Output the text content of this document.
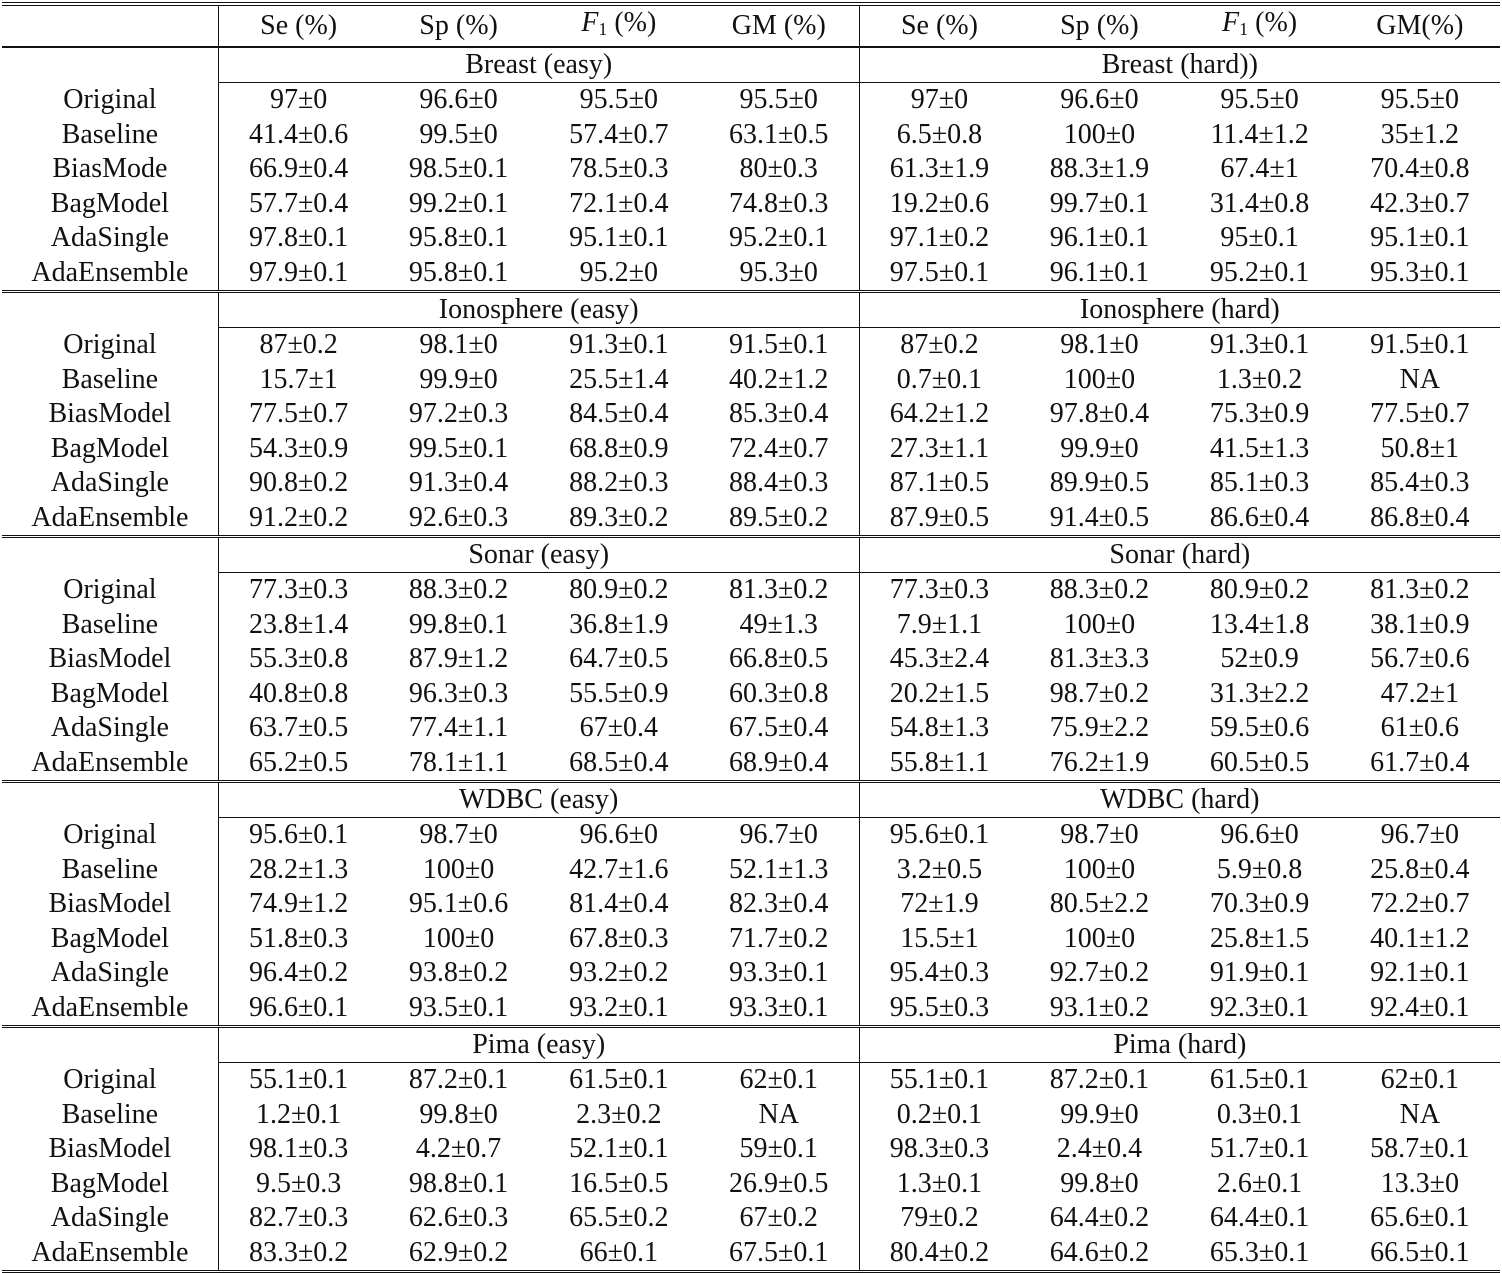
	Se (%)	Sp (%)	$F_1$ (%)	GM (%)	Se (%)	Sp (%)	$F_1$ (%)	GM(%)
	Breast (easy)				Breast (hard))			
Original	97±0	96.6±0	95.5±0	95.5±0	97±0	96.6±0	95.5±0	95.5±0
Baseline	41.4±0.6	99.5±0	57.4±0.7	63.1±0.5	6.5±0.8	100±0	11.4±1.2	35±1.2
BiasMode	66.9±0.4	98.5±0.1	78.5±0.3	80±0.3	61.3±1.9	88.3±1.9	67.4±1	70.4±0.8
BagModel	57.7±0.4	99.2±0.1	72.1±0.4	74.8±0.3	19.2±0.6	99.7±0.1	31.4±0.8	42.3±0.7
AdaSingle	97.8±0.1	95.8±0.1	95.1±0.1	95.2±0.1	97.1±0.2	96.1±0.1	95±0.1	95.1±0.1
AdaEnsemble	97.9±0.1	95.8±0.1	95.2±0	95.3±0	97.5±0.1	96.1±0.1	95.2±0.1	95.3±0.1
	Ionosphere (easy)				Ionosphere (hard)			
Original	87±0.2	98.1±0	91.3±0.1	91.5±0.1	87±0.2	98.1±0	91.3±0.1	91.5±0.1
Baseline	15.7±1	99.9±0	25.5±1.4	40.2±1.2	0.7±0.1	100±0	1.3±0.2	NA
BiasModel	77.5±0.7	97.2±0.3	84.5±0.4	85.3±0.4	64.2±1.2	97.8±0.4	75.3±0.9	77.5±0.7
BagModel	54.3±0.9	99.5±0.1	68.8±0.9	72.4±0.7	27.3±1.1	99.9±0	41.5±1.3	50.8±1
AdaSingle	90.8±0.2	91.3±0.4	88.2±0.3	88.4±0.3	87.1±0.5	89.9±0.5	85.1±0.3	85.4±0.3
AdaEnsemble	91.2±0.2	92.6±0.3	89.3±0.2	89.5±0.2	87.9±0.5	91.4±0.5	86.6±0.4	86.8±0.4
	Sonar (easy)				Sonar (hard)			
Original	77.3±0.3	88.3±0.2	80.9±0.2	81.3±0.2	77.3±0.3	88.3±0.2	80.9±0.2	81.3±0.2
Baseline	23.8±1.4	99.8±0.1	36.8±1.9	49±1.3	7.9±1.1	100±0	13.4±1.8	38.1±0.9
BiasModel	55.3±0.8	87.9±1.2	64.7±0.5	66.8±0.5	45.3±2.4	81.3±3.3	52±0.9	56.7±0.6
BagModel	40.8±0.8	96.3±0.3	55.5±0.9	60.3±0.8	20.2±1.5	98.7±0.2	31.3±2.2	47.2±1
AdaSingle	63.7±0.5	77.4±1.1	67±0.4	67.5±0.4	54.8±1.3	75.9±2.2	59.5±0.6	61±0.6
AdaEnsemble	65.2±0.5	78.1±1.1	68.5±0.4	68.9±0.4	55.8±1.1	76.2±1.9	60.5±0.5	61.7±0.4
	WDBC (easy)				WDBC (hard)			
Original	95.6±0.1	98.7±0	96.6±0	96.7±0	95.6±0.1	98.7±0	96.6±0	96.7±0
Baseline	28.2±1.3	100±0	42.7±1.6	52.1±1.3	3.2±0.5	100±0	5.9±0.8	25.8±0.4
BiasModel	74.9±1.2	95.1±0.6	81.4±0.4	82.3±0.4	72±1.9	80.5±2.2	70.3±0.9	72.2±0.7
BagModel	51.8±0.3	100±0	67.8±0.3	71.7±0.2	15.5±1	100±0	25.8±1.5	40.1±1.2
AdaSingle	96.4±0.2	93.8±0.2	93.2±0.2	93.3±0.1	95.4±0.3	92.7±0.2	91.9±0.1	92.1±0.1
AdaEnsemble	96.6±0.1	93.5±0.1	93.2±0.1	93.3±0.1	95.5±0.3	93.1±0.2	92.3±0.1	92.4±0.1
	Pima (easy)				Pima (hard)			
Original	55.1±0.1	87.2±0.1	61.5±0.1	62±0.1	55.1±0.1	87.2±0.1	61.5±0.1	62±0.1
Baseline	1.2±0.1	99.8±0	2.3±0.2	NA	0.2±0.1	99.9±0	0.3±0.1	NA
BiasModel	98.1±0.3	4.2±0.7	52.1±0.1	59±0.1	98.3±0.3	2.4±0.4	51.7±0.1	58.7±0.1
BagModel	9.5±0.3	98.8±0.1	16.5±0.5	26.9±0.5	1.3±0.1	99.8±0	2.6±0.1	13.3±0
AdaSingle	82.7±0.3	62.6±0.3	65.5±0.2	67±0.2	79±0.2	64.4±0.2	64.4±0.1	65.6±0.1
AdaEnsemble	83.3±0.2	62.9±0.2	66±0.1	67.5±0.1	80.4±0.2	64.6±0.2	65.3±0.1	66.5±0.1
